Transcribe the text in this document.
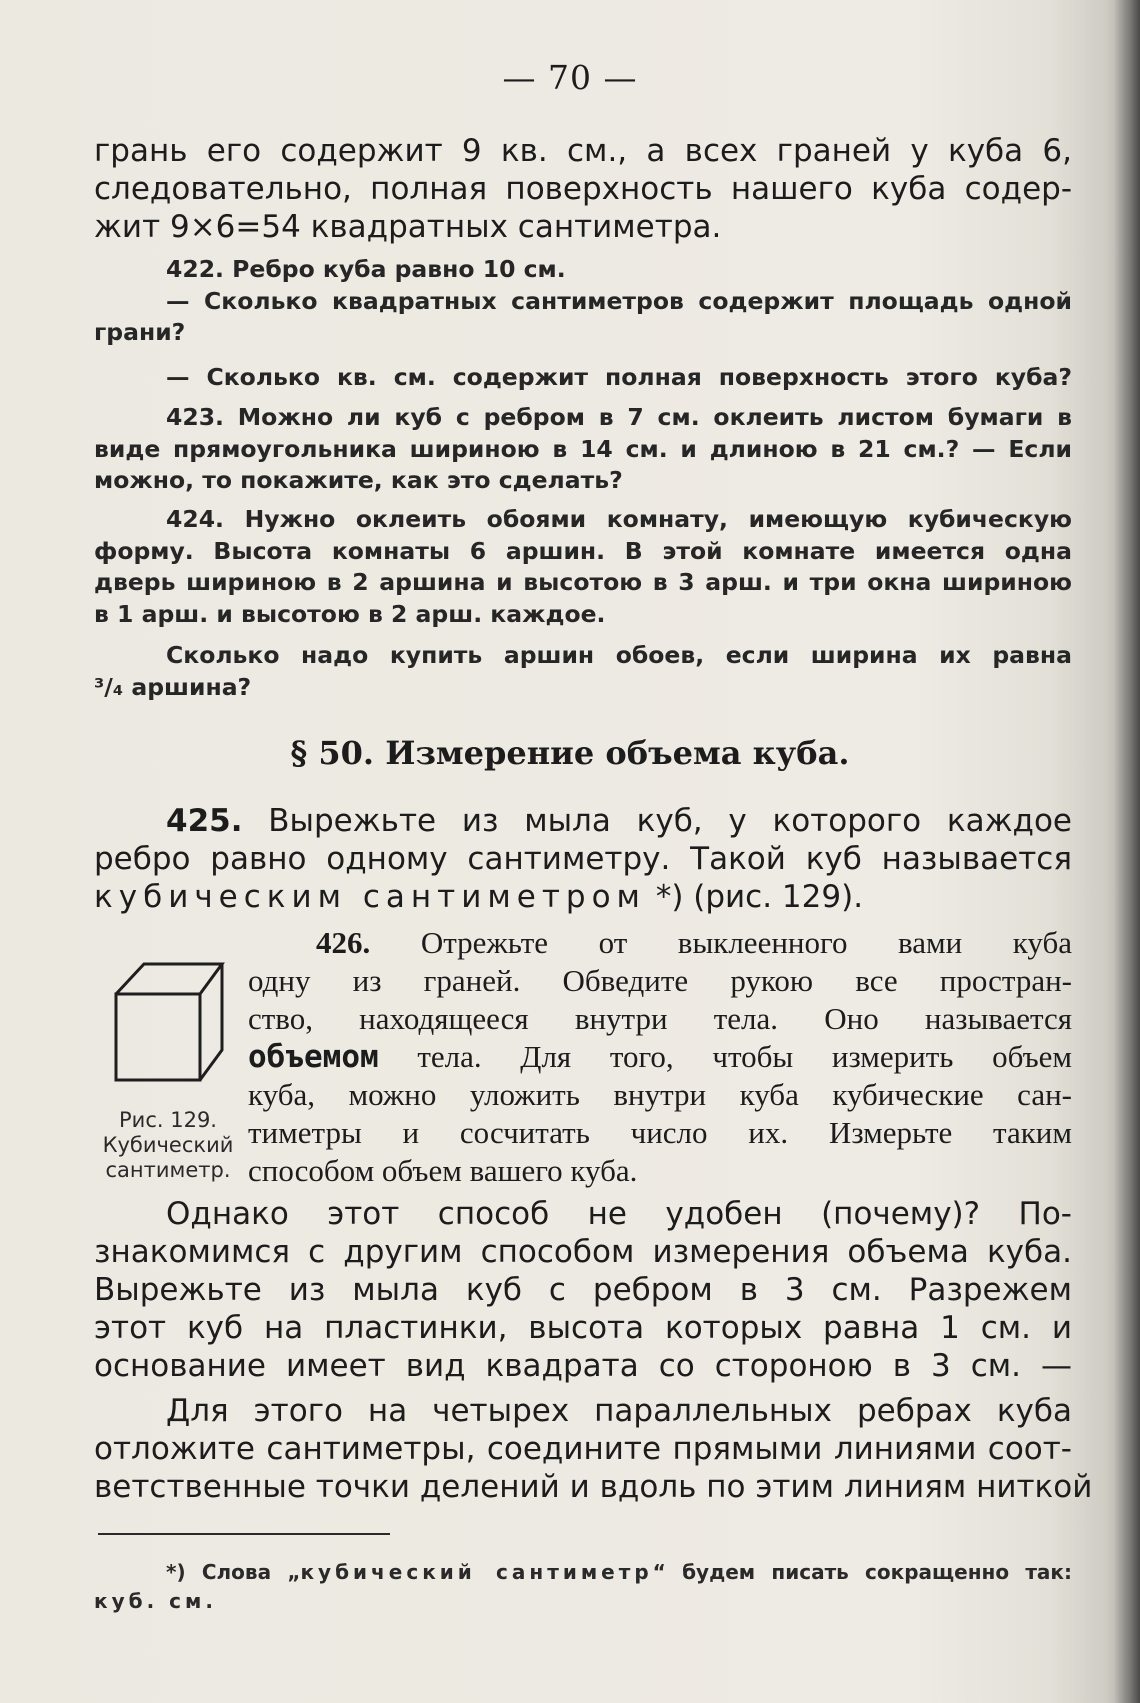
— 70 —
грань его содержит 9 кв. см., а всех граней у куба 6,
следовательно, полная поверхность нашего куба содер-
жит 9×6=54 квадратных сантиметра.
422. Ребро куба равно 10 см.
— Сколько квадратных сантиметров содержит площадь одной
грани?
— Сколько кв. см. содержит полная поверхность этого куба?
423. Можно ли куб с ребром в 7 см. оклеить листом бумаги в
виде прямоугольника шириною в 14 см. и длиною в 21 см.? — Если
можно, то покажите, как это сделать?
424. Нужно оклеить обоями комнату, имеющую кубическую
форму. Высота комнаты 6 аршин. В этой комнате имеется одна
дверь шириною в 2 аршина и высотою в 3 арш. и три окна шириною
в 1 арш. и высотою в 2 арш. каждое.
Сколько надо купить аршин обоев, если ширина их равна
³/₄ аршина?
§ 50. Измерение объема куба.
425. Вырежьте из мыла куб, у которого каждое
ребро равно одному сантиметру. Такой куб называется
кубическим сантиметром *) (рис. 129).
426. Отрежьте от выклеенного вами куба
одну из граней. Обведите рукою все простран-
ство, находящееся внутри тела. Оно называется
объемом тела. Для того, чтобы измерить объем
куба, можно уложить внутри куба кубические сан-
тиметры и сосчитать число их. Измерьте таким
способом объем вашего куба.
Рис. 129.
Кубический
сантиметр.
Однако этот способ не удобен (почему)? По-
знакомимся с другим способом измерения объема куба.
Вырежьте из мыла куб с ребром в 3 см. Разрежем
этот куб на пластинки, высота которых равна 1 см. и
основание имеет вид квадрата со стороною в 3 см. —
Для этого на четырех параллельных ребрах куба
отложите сантиметры, соедините прямыми линиями соот-
ветственные точки делений и вдоль по этим линиям ниткой
*) Слова „кубический сантиметр“ будем писать сокращенно так:
куб. см.
